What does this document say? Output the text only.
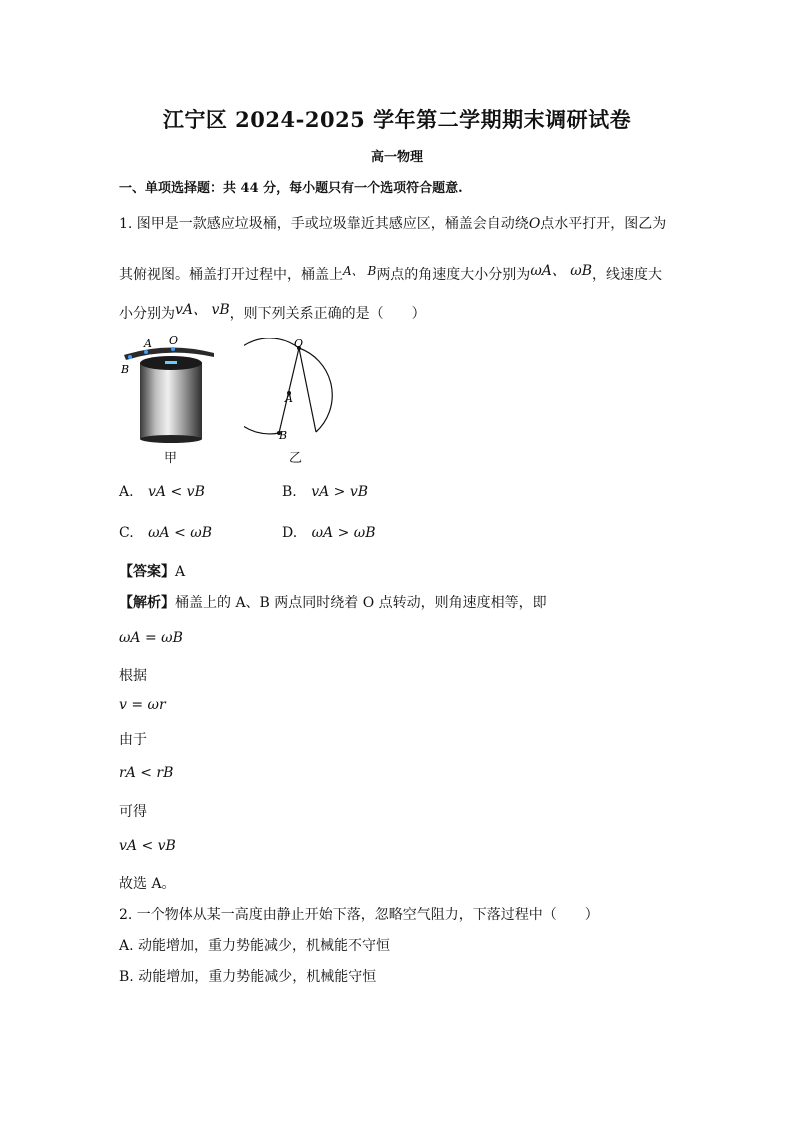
江宁区 2024-2025 学年第二学期期末调研试卷
高一物理
一、单项选择题：共 44 分，每小题只有一个选项符合题意.
1. 图甲是一款感应垃圾桶，手或垃圾靠近其感应区，桶盖会自动绕O点水平打开，图乙为
其俯视图。桶盖打开过程中，桶盖上A、 B两点的角速度大小分别为ωA、 ωB，线速度大
小分别为vA、 vB，则下列关系正确的是（　　）
A O
B
甲
O
A
B
乙
A. vA < vB	B. vA > vB
C. ωA < ωB	D. ωA > ωB
【答案】A
【解析】桶盖上的 A、B 两点同时绕着 O 点转动，则角速度相等，即
ωA = ωB
根据
v = ωr
由于
rA < rB
可得
vA < vB
故选 A。
2. 一个物体从某一高度由静止开始下落，忽略空气阻力，下落过程中（　　）
A. 动能增加，重力势能减少，机械能不守恒
B. 动能增加，重力势能减少，机械能守恒
